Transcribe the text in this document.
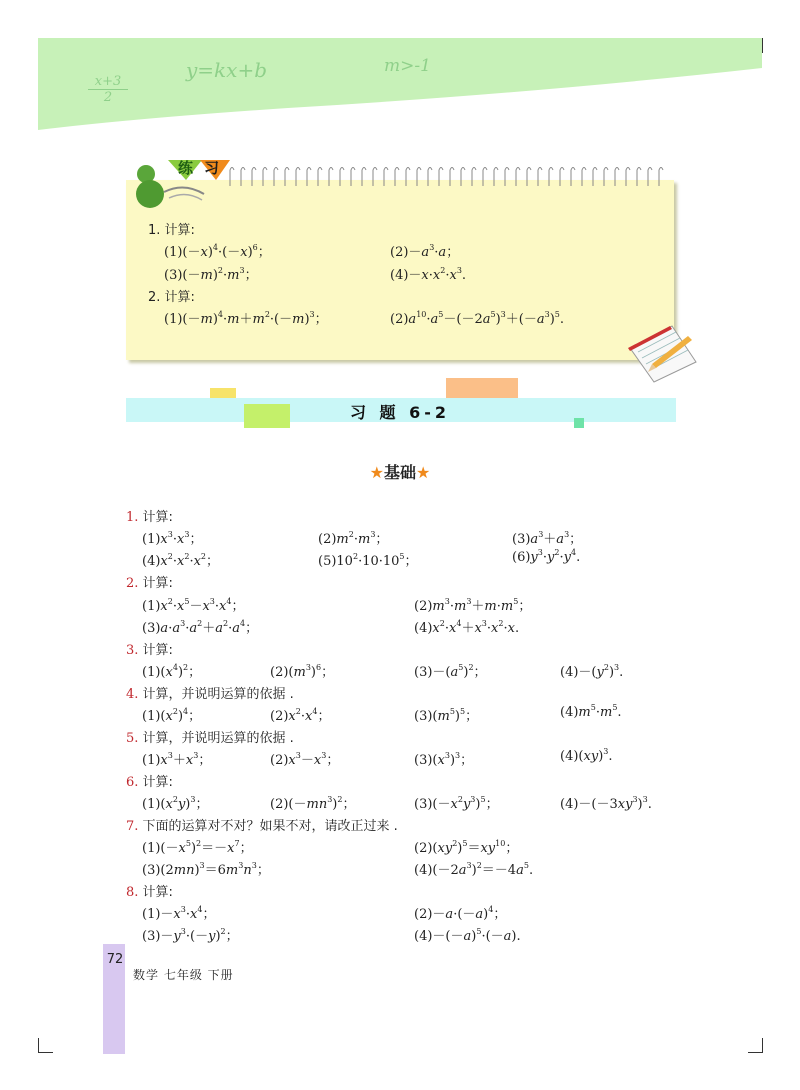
x+3
2
y=kx+b	m>-1
练 习
1. 计算:
$(1)(-x)^4\cdot(-x)^6$；	$(2)-a^3\cdot a$；
$(3)(-m)^2\cdot m^3$；	$(4)-x\cdot x^2\cdot x^3$.
2. 计算:
$(1)(-m)^4\cdot m+m^2\cdot(-m)^3$；	$(2)a^{10}\cdot a^5-(-2a^5)^3+(-a^3)^5$.
习 题 6-2
★基础★
1. 计算:
$(1)x^3\cdot x^3$；	$(2)m^2\cdot m^3$；	$(3)a^3+a^3$；
$(4)x^2\cdot x^2\cdot x^2$；	$(5)10^2\cdot 10\cdot 10^5$；	$(6)y^3\cdot y^2\cdot y^4$.
2. 计算:
$(1)x^2\cdot x^5-x^3\cdot x^4$；	$(2)m^3\cdot m^3+m\cdot m^5$；
$(3)a\cdot a^3\cdot a^2+a^2\cdot a^4$；	$(4)x^2\cdot x^4+x^3\cdot x^2\cdot x$.
3. 计算:
$(1)(x^4)^2$；	$(2)(m^3)^6$；	$(3)-(a^5)^2$；	$(4)-(y^2)^3$.
4. 计算，并说明运算的依据 .
$(1)(x^2)^4$；	$(2)x^2\cdot x^4$；	$(3)(m^5)^5$；	$(4)m^5\cdot m^5$.
5. 计算，并说明运算的依据 .
$(1)x^3+x^3$；	$(2)x^3-x^3$；	$(3)(x^3)^3$；	(4)(xy)$^3$.
6. 计算:
$(1)(x^2y)^3$；	$(2)(-mn^3)^2$；	$(3)(-x^2y^3)^5$；	$(4)-(-3xy^3)^3$.
7. 下面的运算对不对？如果不对，请改正过来 .
$(1)(-x^5)^2=-x^7$；	$(2)(xy^2)^5=xy^{10}$；
$(3)(2mn)^3=6m^3n^3$；	$(4)(-2a^3)^2=-4a^5$.
8. 计算:
$(1)-x^3\cdot x^4$；	$(2)-a\cdot(-a)^4$；
$(3)-y^3\cdot(-y)^2$；	$(4)-(-a)^5\cdot(-a)$.
72
数学 七年级 下册
